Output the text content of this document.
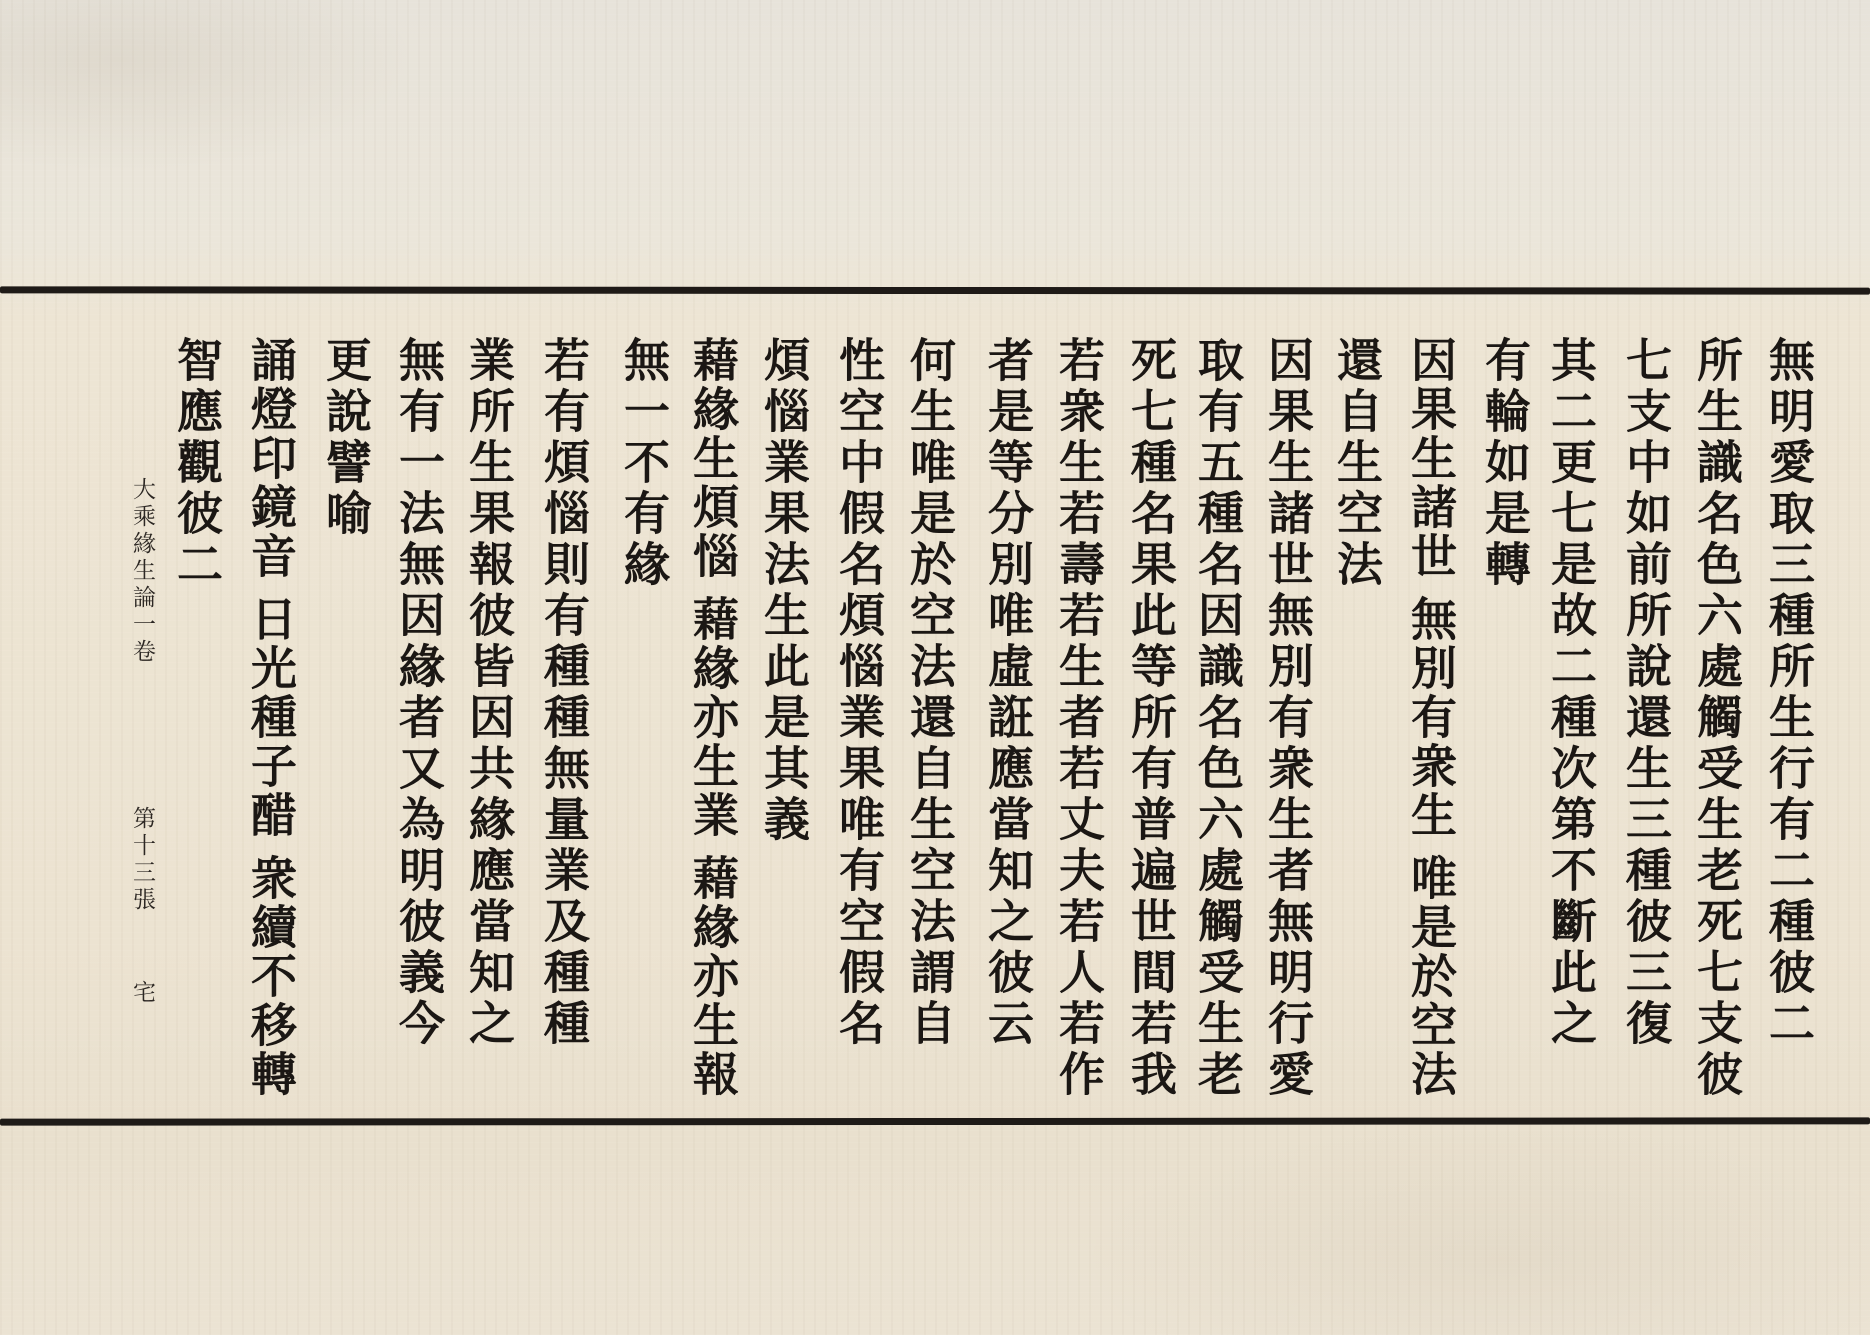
無明愛取三種所生行有二種彼二
所生識名色六處觸受生老死七支彼
七支中如前所說還生三種彼三復
其二更七是故二種次第不斷此之
有輪如是轉
因果生諸世
無別有衆生
唯是於空法
還自生空法
因果生諸世無別有衆生者無明行愛
取有五種名因識名色六處觸受生老
死七種名果此等所有普遍世間若我
若衆生若壽若生者若丈夫若人若作
者是等分別唯虛誑應當知之彼云
何生唯是於空法還自生空法謂自
性空中假名煩惱業果唯有空假名
煩惱業果法生此是其義
藉緣生煩惱
藉緣亦生業
藉緣亦生報
無一不有緣
若有煩惱則有種種無量業及種種
業所生果報彼皆因共緣應當知之
無有一法無因緣者又為明彼義今
更說譬喻
誦燈印鏡音
日光種子醋
衆續不移轉
智應觀彼二
大乘緣生論一卷
第十三張
宅
